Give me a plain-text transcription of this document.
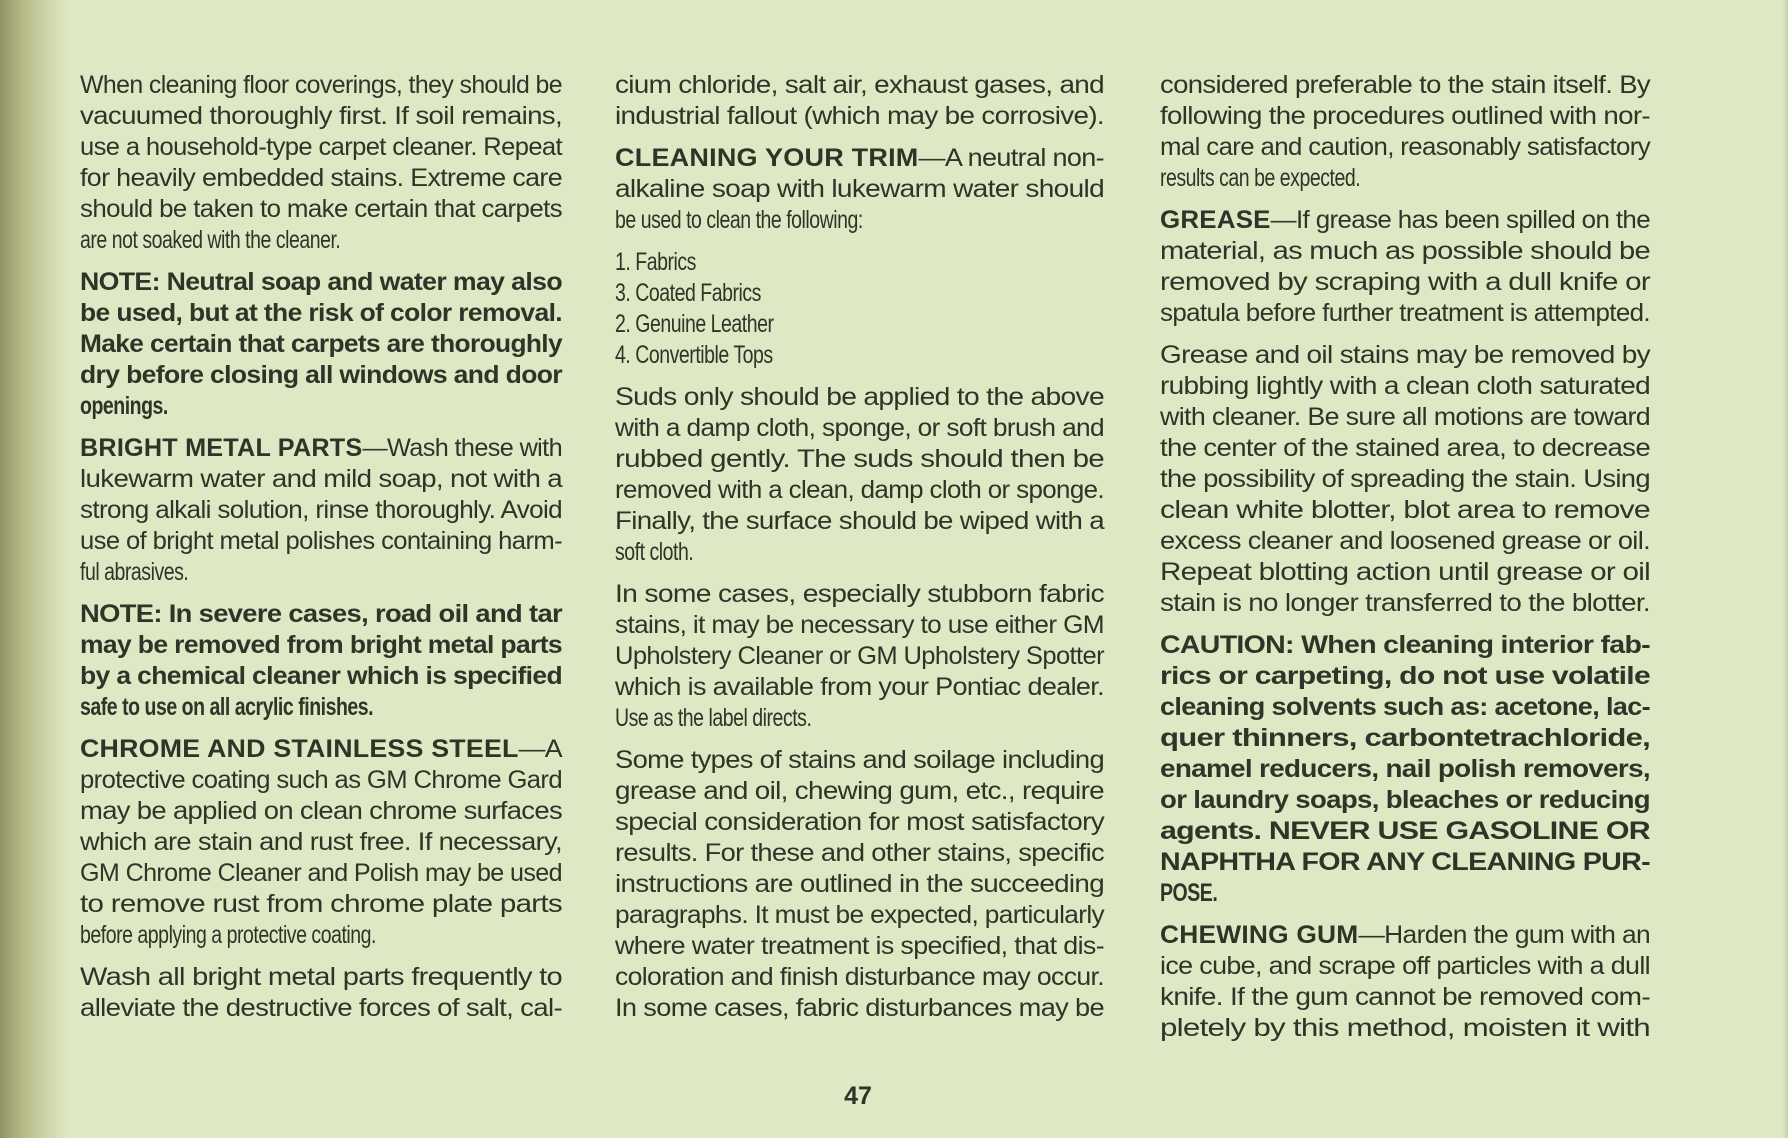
When cleaning floor coverings, they should be
vacuumed thoroughly first. If soil remains,
use a household-type carpet cleaner. Repeat
for heavily embedded stains. Extreme care
should be taken to make certain that carpets
are not soaked with the cleaner.
NOTE: Neutral soap and water may also
be used, but at the risk of color removal.
Make certain that carpets are thoroughly
dry before closing all windows and door
openings.
BRIGHT METAL PARTS—Wash these with
lukewarm water and mild soap, not with a
strong alkali solution, rinse thoroughly. Avoid
use of bright metal polishes containing harm-
ful abrasives.
NOTE: In severe cases, road oil and tar
may be removed from bright metal parts
by a chemical cleaner which is specified
safe to use on all acrylic finishes.
CHROME AND STAINLESS STEEL—A
protective coating such as GM Chrome Gard
may be applied on clean chrome surfaces
which are stain and rust free. If necessary,
GM Chrome Cleaner and Polish may be used
to remove rust from chrome plate parts
before applying a protective coating.
Wash all bright metal parts frequently to
alleviate the destructive forces of salt, cal-
cium chloride, salt air, exhaust gases, and
industrial fallout (which may be corrosive).
CLEANING YOUR TRIM—A neutral non-
alkaline soap with lukewarm water should
be used to clean the following:
1. Fabrics
3. Coated Fabrics
2. Genuine Leather
4. Convertible Tops
Suds only should be applied to the above
with a damp cloth, sponge, or soft brush and
rubbed gently. The suds should then be
removed with a clean, damp cloth or sponge.
Finally, the surface should be wiped with a
soft cloth.
In some cases, especially stubborn fabric
stains, it may be necessary to use either GM
Upholstery Cleaner or GM Upholstery Spotter
which is available from your Pontiac dealer.
Use as the label directs.
Some types of stains and soilage including
grease and oil, chewing gum, etc., require
special consideration for most satisfactory
results. For these and other stains, specific
instructions are outlined in the succeeding
paragraphs. It must be expected, particularly
where water treatment is specified, that dis-
coloration and finish disturbance may occur.
In some cases, fabric disturbances may be
considered preferable to the stain itself. By
following the procedures outlined with nor-
mal care and caution, reasonably satisfactory
results can be expected.
GREASE—If grease has been spilled on the
material, as much as possible should be
removed by scraping with a dull knife or
spatula before further treatment is attempted.
Grease and oil stains may be removed by
rubbing lightly with a clean cloth saturated
with cleaner. Be sure all motions are toward
the center of the stained area, to decrease
the possibility of spreading the stain. Using
clean white blotter, blot area to remove
excess cleaner and loosened grease or oil.
Repeat blotting action until grease or oil
stain is no longer transferred to the blotter.
CAUTION: When cleaning interior fab-
rics or carpeting, do not use volatile
cleaning solvents such as: acetone, lac-
quer thinners, carbontetrachloride,
enamel reducers, nail polish removers,
or laundry soaps, bleaches or reducing
agents. NEVER USE GASOLINE OR
NAPHTHA FOR ANY CLEANING PUR-
POSE.
CHEWING GUM—Harden the gum with an
ice cube, and scrape off particles with a dull
knife. If the gum cannot be removed com-
pletely by this method, moisten it with
47
